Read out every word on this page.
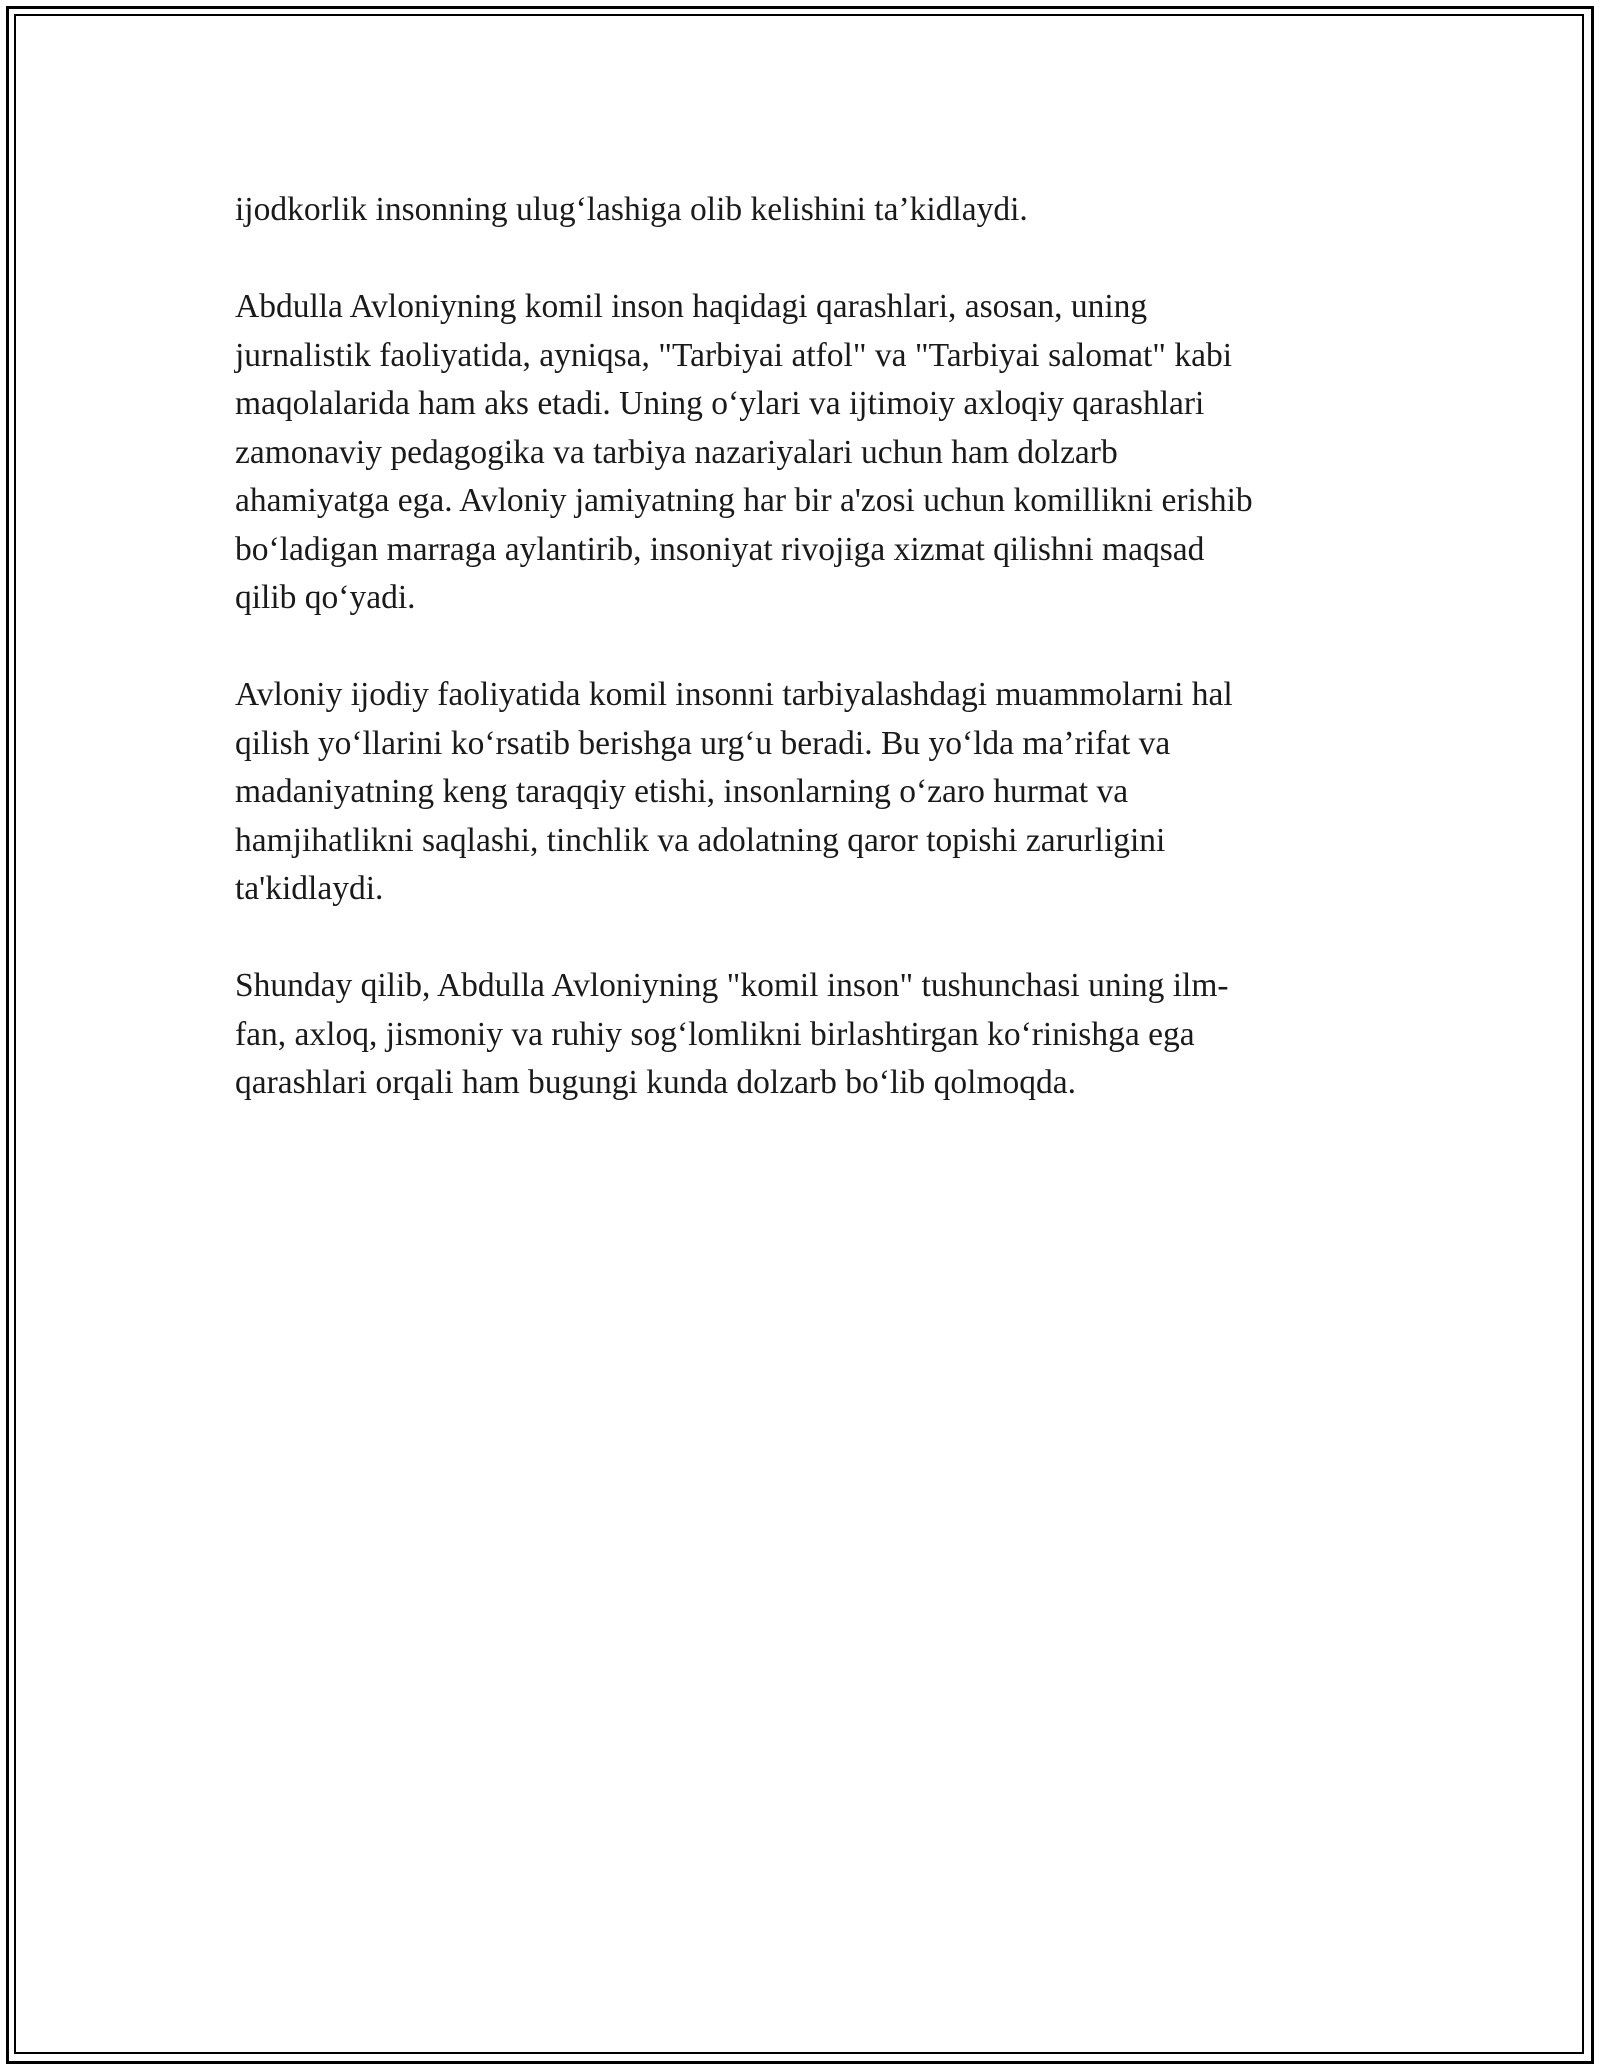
ijodkorlik insonning ulug‘lashiga olib kelishini ta’kidlaydi.

Abdulla Avloniyning komil inson haqidagi qarashlari, asosan, uning
jurnalistik faoliyatida, ayniqsa, "Tarbiyai atfol" va "Tarbiyai salomat" kabi
maqolalarida ham aks etadi. Uning o‘ylari va ijtimoiy axloqiy qarashlari
zamonaviy pedagogika va tarbiya nazariyalari uchun ham dolzarb
ahamiyatga ega. Avloniy jamiyatning har bir a'zosi uchun komillikni erishib
bo‘ladigan marraga aylantirib, insoniyat rivojiga xizmat qilishni maqsad
qilib qo‘yadi.

Avloniy ijodiy faoliyatida komil insonni tarbiyalashdagi muammolarni hal
qilish yo‘llarini ko‘rsatib berishga urg‘u beradi. Bu yo‘lda ma’rifat va
madaniyatning keng taraqqiy etishi, insonlarning o‘zaro hurmat va
hamjihatlikni saqlashi, tinchlik va adolatning qaror topishi zarurligini
ta'kidlaydi.

Shunday qilib, Abdulla Avloniyning "komil inson" tushunchasi uning ilm-
fan, axloq, jismoniy va ruhiy sog‘lomlikni birlashtirgan ko‘rinishga ega
qarashlari orqali ham bugungi kunda dolzarb bo‘lib qolmoqda.
